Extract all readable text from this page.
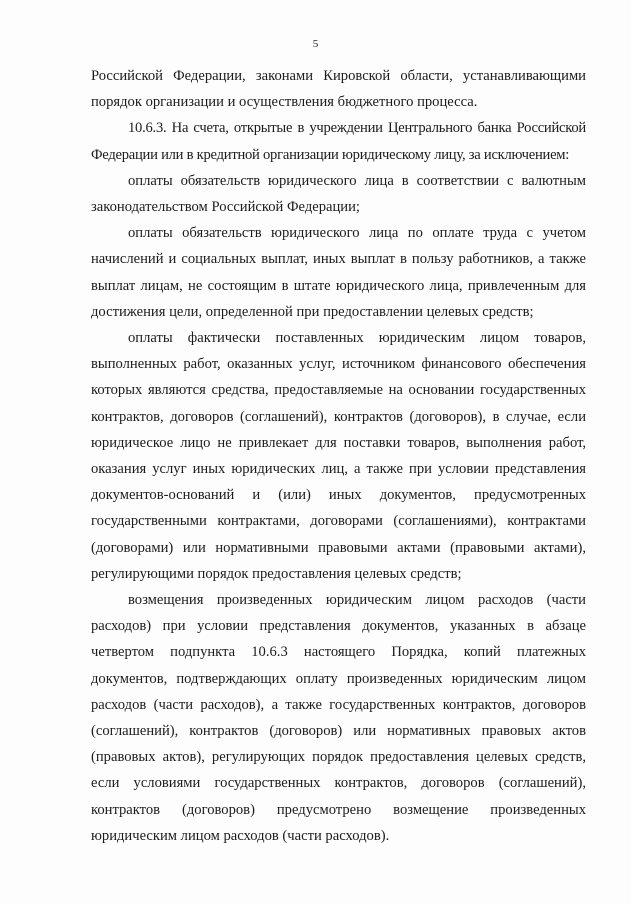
5

Российской Федерации, законами Кировской области, устанавливающими порядок организации и осуществления бюджетного процесса.

10.6.3. На счета, открытые в учреждении Центрального банка Российской Федерации или в кредитной организации юридическому лицу, за исключением:

оплаты обязательств юридического лица в соответствии с валютным законодательством Российской Федерации;

оплаты обязательств юридического лица по оплате труда с учетом начислений и социальных выплат, иных выплат в пользу работников, а также выплат лицам, не состоящим в штате юридического лица, привлеченным для достижения цели, определенной при предоставлении целевых средств;

оплаты фактически поставленных юридическим лицом товаров, выполненных работ, оказанных услуг, источником финансового обеспечения которых являются средства, предоставляемые на основании государственных контрактов, договоров (соглашений), контрактов (договоров), в случае, если юридическое лицо не привлекает для поставки товаров, выполнения работ, оказания услуг иных юридических лиц, а также при условии представления документов-оснований и (или) иных документов, предусмотренных государственными контрактами, договорами (соглашениями), контрактами (договорами) или нормативными правовыми актами (правовыми актами), регулирующими порядок предоставления целевых средств;

возмещения произведенных юридическим лицом расходов (части расходов) при условии представления документов, указанных в абзаце четвертом подпункта 10.6.3 настоящего Порядка, копий платежных документов, подтверждающих оплату произведенных юридическим лицом расходов (части расходов), а также государственных контрактов, договоров (соглашений), контрактов (договоров) или нормативных правовых актов (правовых актов), регулирующих порядок предоставления целевых средств, если условиями государственных контрактов, договоров (соглашений), контрактов (договоров) предусмотрено возмещение произведенных юридическим лицом расходов (части расходов).
